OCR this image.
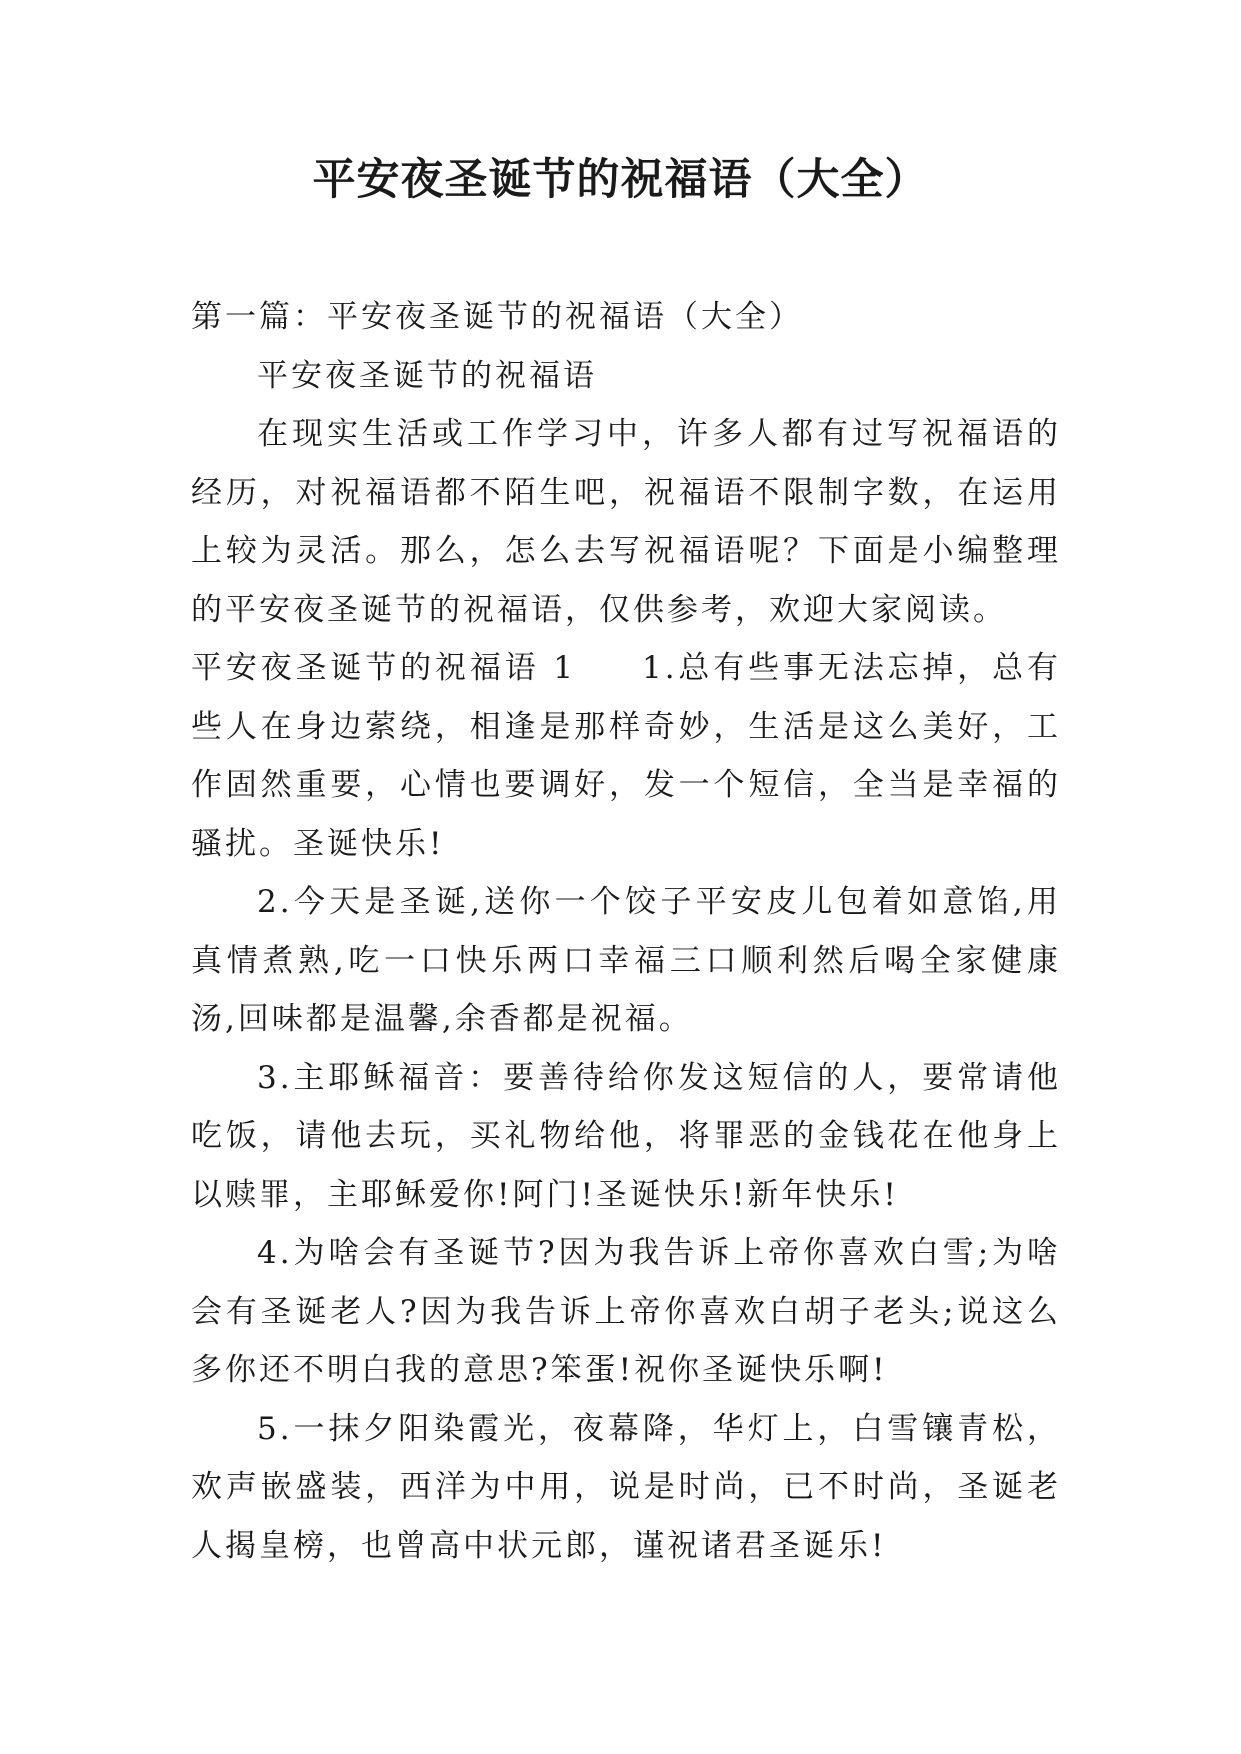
平安夜圣诞节的祝福语（大全）

第一篇：平安夜圣诞节的祝福语（大全）

平安夜圣诞节的祝福语

在现实生活或工作学习中，许多人都有过写祝福语的经历，对祝福语都不陌生吧，祝福语不限制字数，在运用上较为灵活。那么，怎么去写祝福语呢？下面是小编整理的平安夜圣诞节的祝福语，仅供参考，欢迎大家阅读。

平安夜圣诞节的祝福语 1 1.总有些事无法忘掉，总有些人在身边萦绕，相逢是那样奇妙，生活是这么美好，工作固然重要，心情也要调好，发一个短信，全当是幸福的骚扰。圣诞快乐!

2.今天是圣诞,送你一个饺子平安皮儿包着如意馅,用真情煮熟,吃一口快乐两口幸福三口顺利然后喝全家健康汤,回味都是温馨,余香都是祝福。

3.主耶稣福音：要善待给你发这短信的人，要常请他吃饭，请他去玩，买礼物给他，将罪恶的金钱花在他身上以赎罪，主耶稣爱你!阿门!圣诞快乐!新年快乐!

4.为啥会有圣诞节?因为我告诉上帝你喜欢白雪;为啥会有圣诞老人?因为我告诉上帝你喜欢白胡子老头;说这么多你还不明白我的意思?笨蛋!祝你圣诞快乐啊!

5.一抹夕阳染霞光，夜幕降，华灯上，白雪镶青松，欢声嵌盛装，西洋为中用，说是时尚，已不时尚，圣诞老人揭皇榜，也曾高中状元郎，谨祝诸君圣诞乐!
